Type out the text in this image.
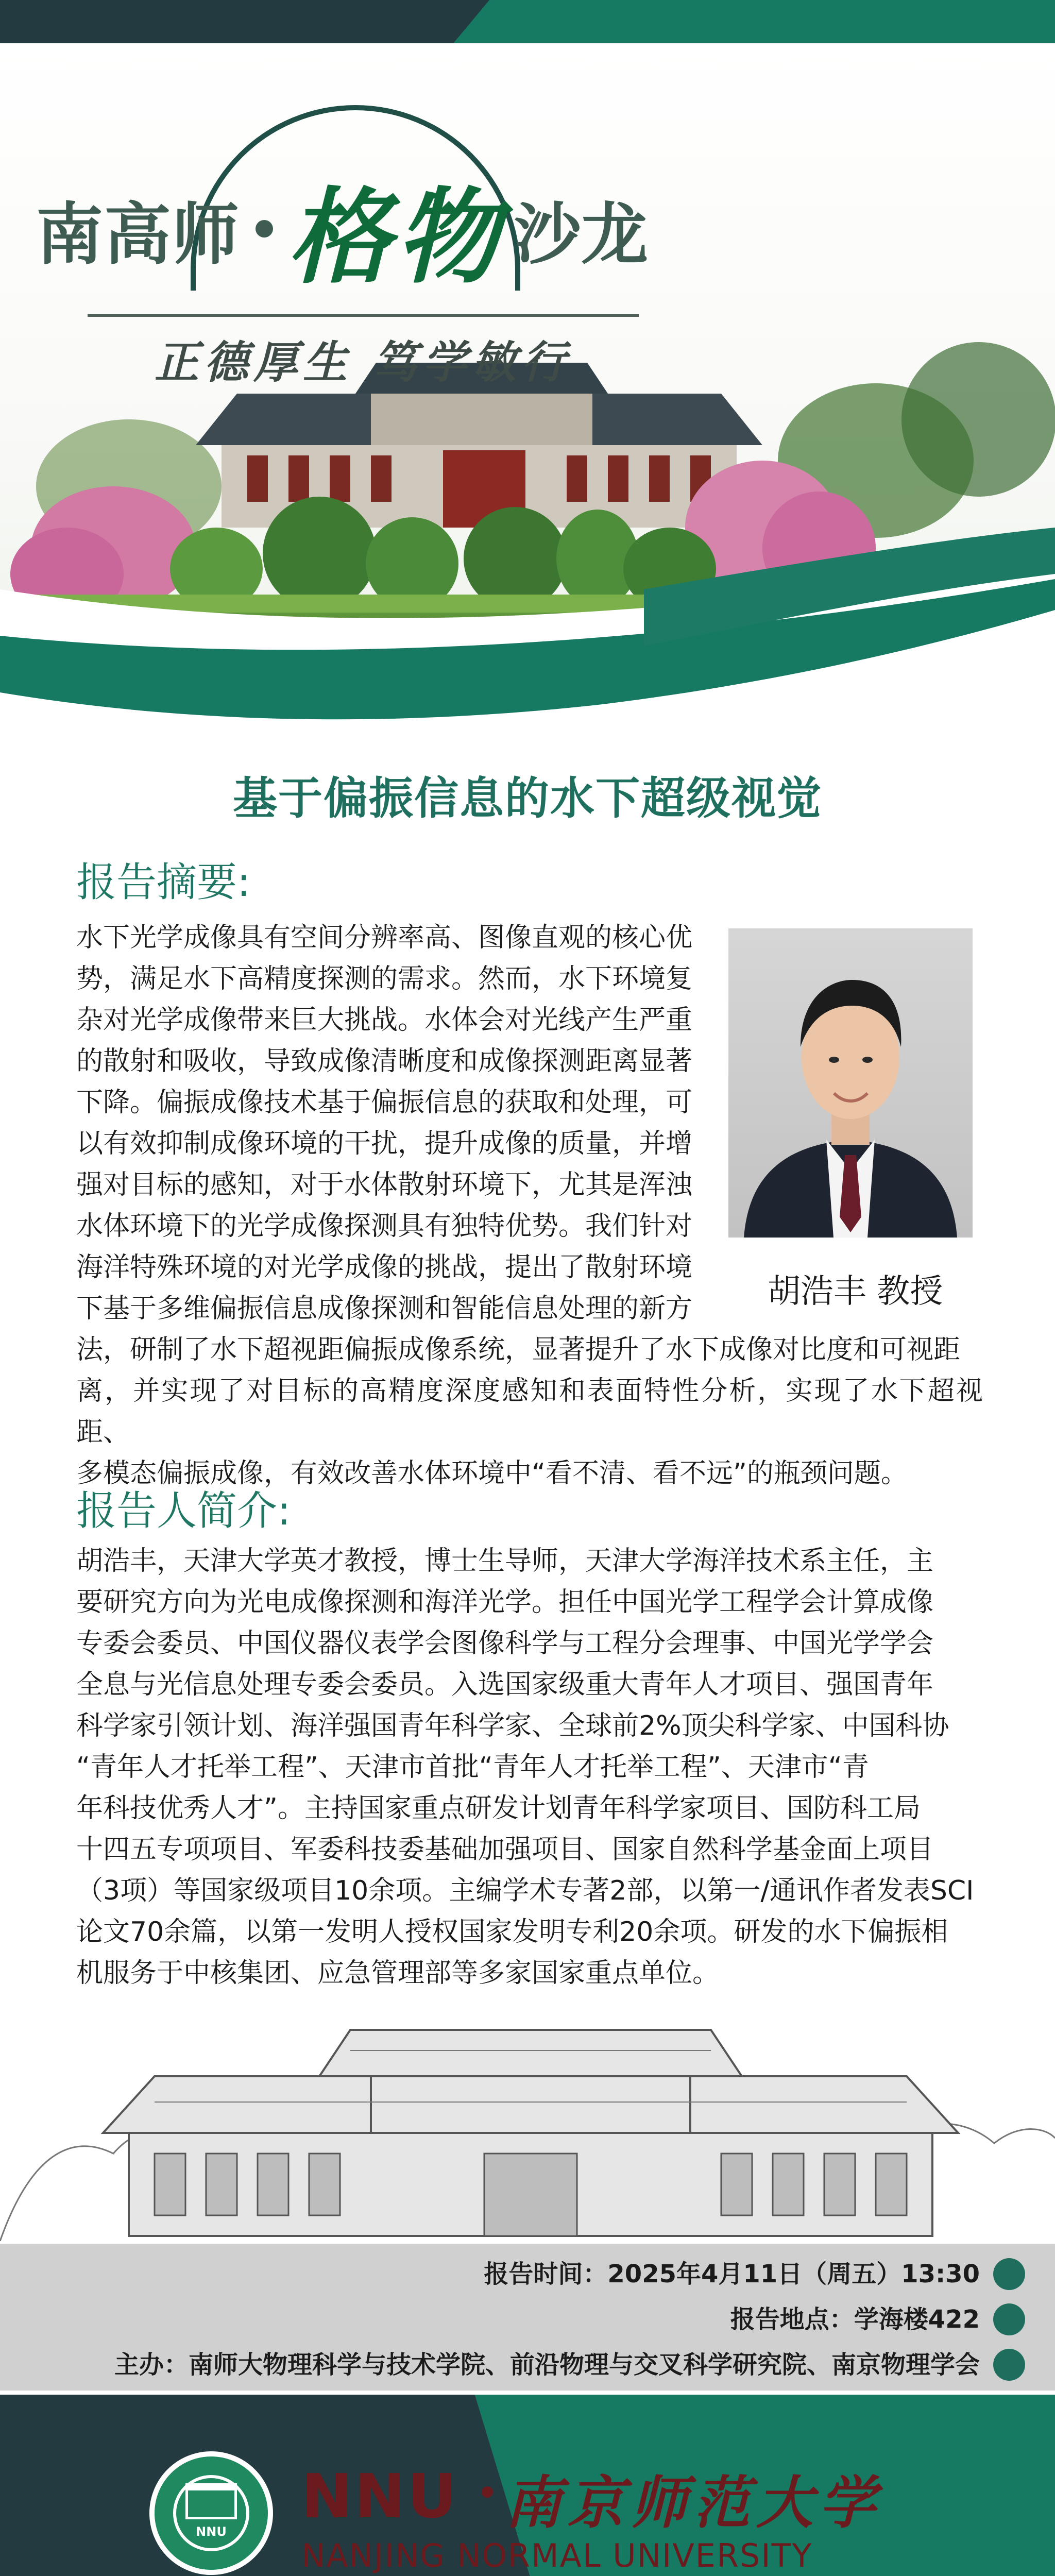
南高师 格物 沙龙
正德厚生 笃学敏行
基于偏振信息的水下超级视觉
报告摘要:
水下光学成像具有空间分辨率高、图像直观的核心优
势，满足水下高精度探测的需求。然而，水下环境复
杂对光学成像带来巨大挑战。水体会对光线产生严重
的散射和吸收，导致成像清晰度和成像探测距离显著
下降。偏振成像技术基于偏振信息的获取和处理，可
以有效抑制成像环境的干扰，提升成像的质量，并增
强对目标的感知，对于水体散射环境下，尤其是浑浊
水体环境下的光学成像探测具有独特优势。我们针对
海洋特殊环境的对光学成像的挑战，提出了散射环境
下基于多维偏振信息成像探测和智能信息处理的新方	胡浩丰 教授
法，研制了水下超视距偏振成像系统，显著提升了水下成像对比度和可视距
离，并实现了对目标的高精度深度感知和表面特性分析，实现了水下超视距、
多模态偏振成像，有效改善水体环境中“看不清、看不远”的瓶颈问题。
报告人简介:
胡浩丰，天津大学英才教授，博士生导师，天津大学海洋技术系主任，主
要研究方向为光电成像探测和海洋光学。担任中国光学工程学会计算成像
专委会委员、中国仪器仪表学会图像科学与工程分会理事、中国光学学会
全息与光信息处理专委会委员。入选国家级重大青年人才项目、强国青年
科学家引领计划、海洋强国青年科学家、全球前2%顶尖科学家、中国科协
“青年人才托举工程”、天津市首批“青年人才托举工程”、天津市“青
年科技优秀人才”。主持国家重点研发计划青年科学家项目、国防科工局
十四五专项项目、军委科技委基础加强项目、国家自然科学基金面上项目
（3项）等国家级项目10余项。主编学术专著2部，以第一/通讯作者发表SCI
论文70余篇，以第一发明人授权国家发明专利20余项。研发的水下偏振相
机服务于中核集团、应急管理部等多家国家重点单位。
报告时间：2025年4月11日（周五）13:30
报告地点：学海楼422
主办：南师大物理科学与技术学院、前沿物理与交叉科学研究院、南京物理学会
NNU	NNU 南京师范大学
NANJING NORMAL UNIVERSITY
